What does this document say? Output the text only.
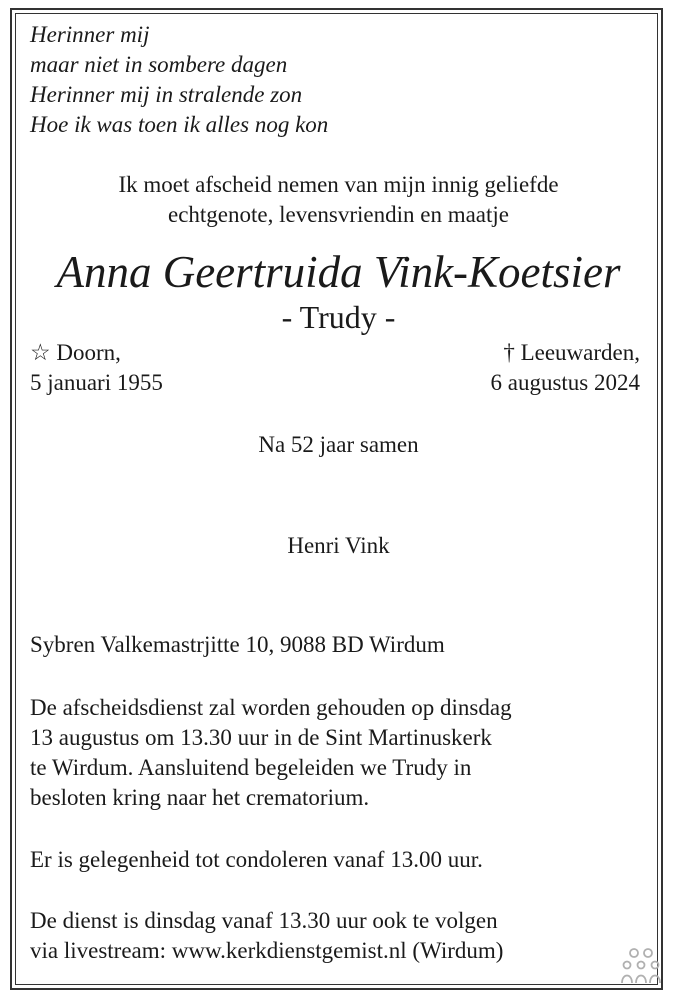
Herinner mij
maar niet in sombere dagen
Herinner mij in stralende zon
Hoe ik was toen ik alles nog kon
Ik moet afscheid nemen van mijn innig geliefde
echtgenote, levensvriendin en maatje
Anna Geertruida Vink-Koetsier
- Trudy -
☆ Doorn,
5 januari 1955
† Leeuwarden,
6 augustus 2024
Na 52 jaar samen
Henri Vink
Sybren Valkemastrjitte 10, 9088 BD Wirdum
De afscheidsdienst zal worden gehouden op dinsdag
13 augustus om 13.30 uur in de Sint Martinuskerk
te Wirdum. Aansluitend begeleiden we Trudy in
besloten kring naar het crematorium.
Er is gelegenheid tot condoleren vanaf 13.00 uur.
De dienst is dinsdag vanaf 13.30 uur ook te volgen
via livestream: www.kerkdienstgemist.nl (Wirdum)
